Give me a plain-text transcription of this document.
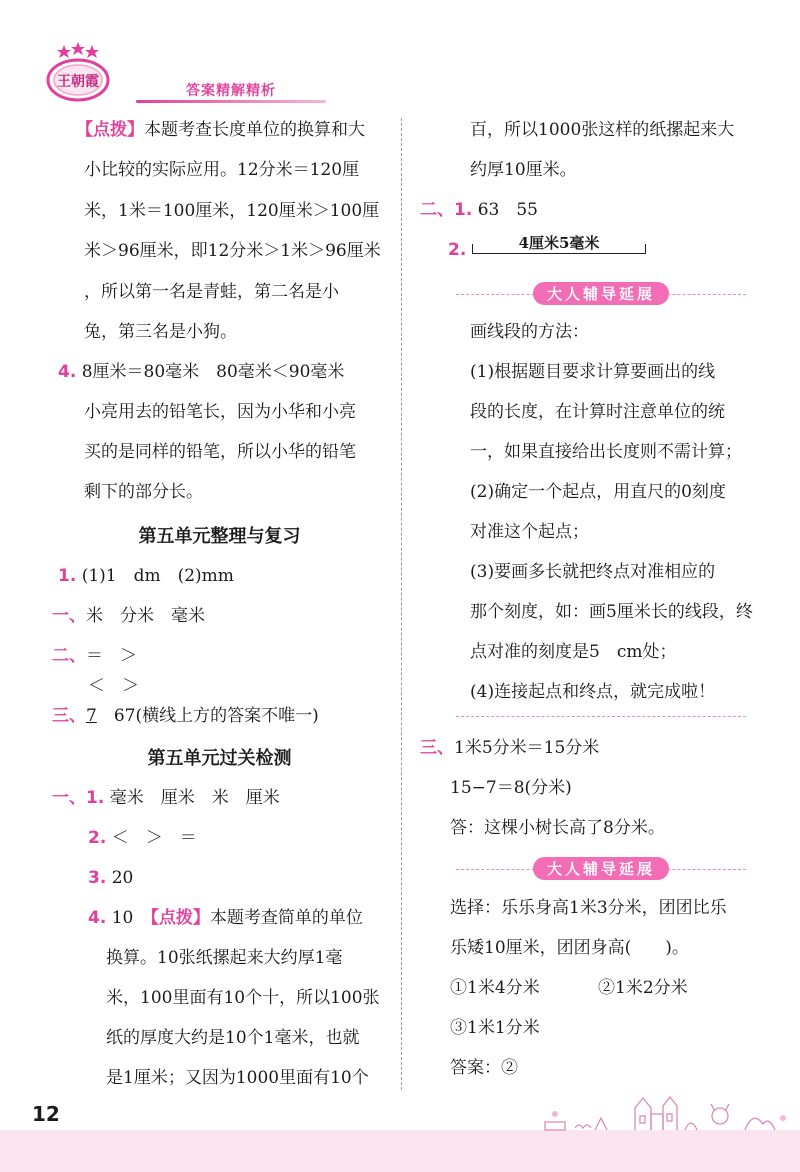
王朝霞
答案精解精析
【点拨】本题考查长度单位的换算和大
小比较的实际应用。12分米＝120厘
米，1米＝100厘米，120厘米＞100厘
米＞96厘米，即12分米＞1米＞96厘米
，所以第一名是青蛙，第二名是小
兔，第三名是小狗。
4. 8厘米＝80毫米　80毫米＜90毫米
小亮用去的铅笔长，因为小华和小亮
买的是同样的铅笔，所以小华的铅笔
剩下的部分长。
第五单元整理与复习
1. (1)1　dm　(2)mm
一、米　分米　毫米
二、＝　＞
＜　＞
三、7　67(横线上方的答案不唯一)
第五单元过关检测
一、1. 毫米　厘米　米　厘米
2. ＜　＞　＝
3. 20
4. 10　【点拨】本题考查简单的单位
换算。10张纸摞起来大约厚1毫
米，100里面有10个十，所以100张
纸的厚度大约是10个1毫米，也就
是1厘米；又因为1000里面有10个
百，所以1000张这样的纸摞起来大
约厚10厘米。
二、1. 63　55
2.	4厘米5毫米
大人辅导延展
画线段的方法：
(1)根据题目要求计算要画出的线
段的长度，在计算时注意单位的统
一，如果直接给出长度则不需计算；
(2)确定一个起点，用直尺的0刻度
对准这个起点；
(3)要画多长就把终点对准相应的
那个刻度，如：画5厘米长的线段，终
点对准的刻度是5　cm处；
(4)连接起点和终点，就完成啦！
三、1米5分米＝15分米
15−7＝8(分米)
答：这棵小树长高了8分米。
大人辅导延展
选择：乐乐身高1米3分米，团团比乐
乐矮10厘米，团团身高(　　)。
①1米4分米	②1米2分米
③1米1分米
答案：②
12
